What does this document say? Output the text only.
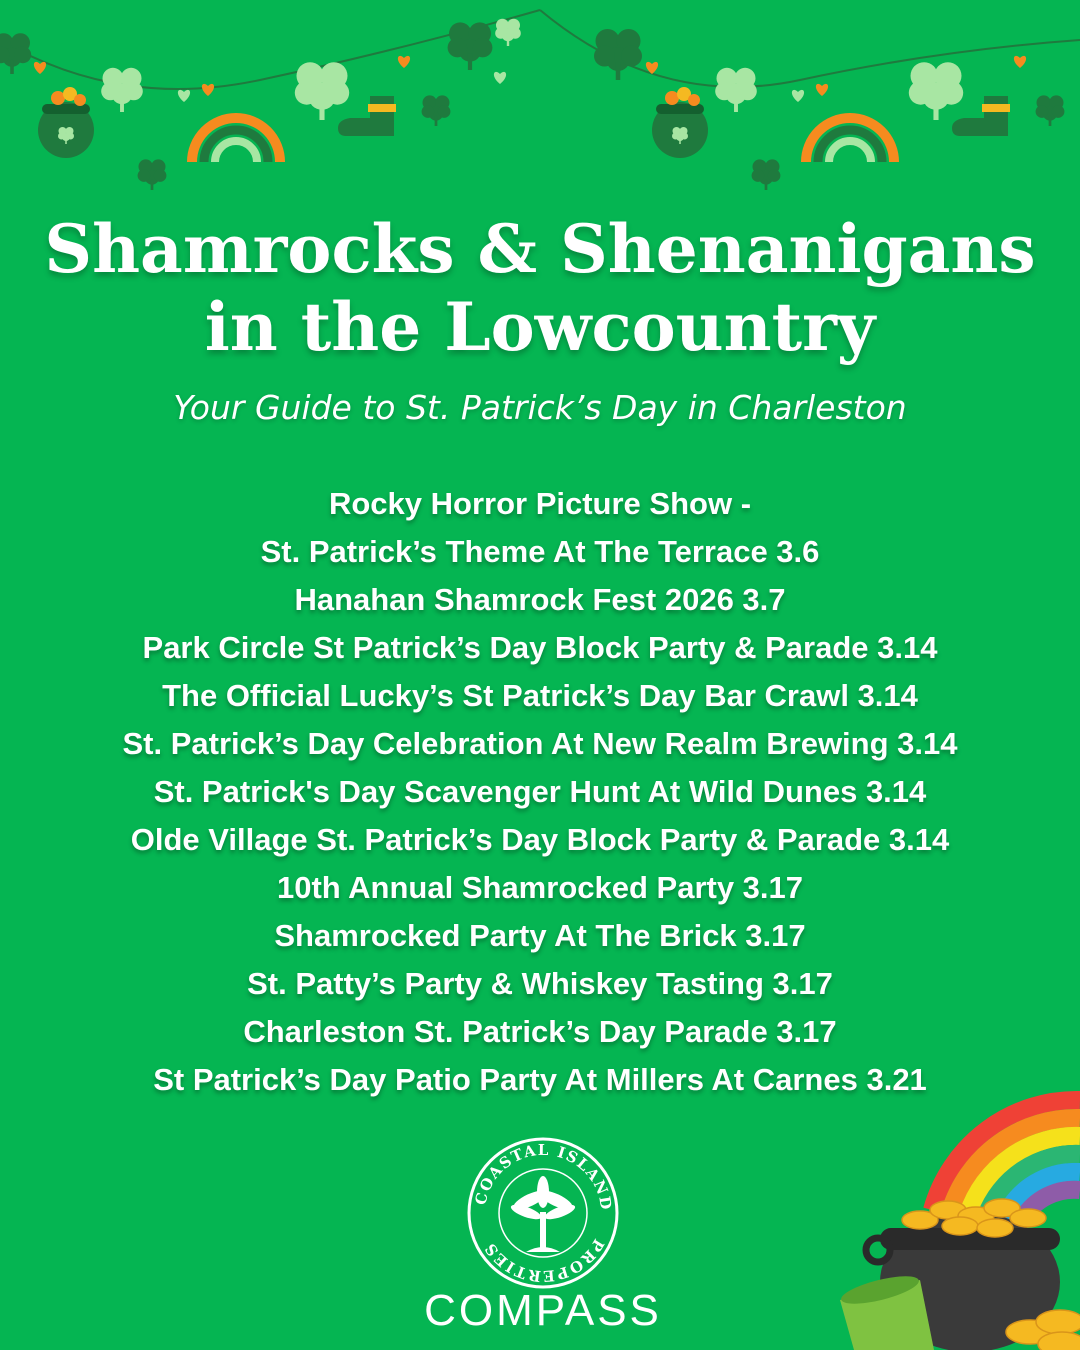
Shamrocks & Shenanigans
in the Lowcountry
Your Guide to St. Patrick’s Day in Charleston
Rocky Horror Picture Show -
St. Patrick’s Theme At The Terrace 3.6
Hanahan Shamrock Fest 2026 3.7
Park Circle St Patrick’s Day Block Party & Parade 3.14
The Official Lucky’s St Patrick’s Day Bar Crawl 3.14
St. Patrick’s Day Celebration At New Realm Brewing 3.14
St. Patrick's Day Scavenger Hunt At Wild Dunes 3.14
Olde Village St. Patrick’s Day Block Party & Parade 3.14
10th Annual Shamrocked Party 3.17
Shamrocked Party At The Brick 3.17
St. Patty’s Party & Whiskey Tasting 3.17
Charleston St. Patrick’s Day Parade 3.17
St Patrick’s Day Patio Party At Millers At Carnes 3.21
COASTAL ISLAND
PROPERTIES
COMPASS
